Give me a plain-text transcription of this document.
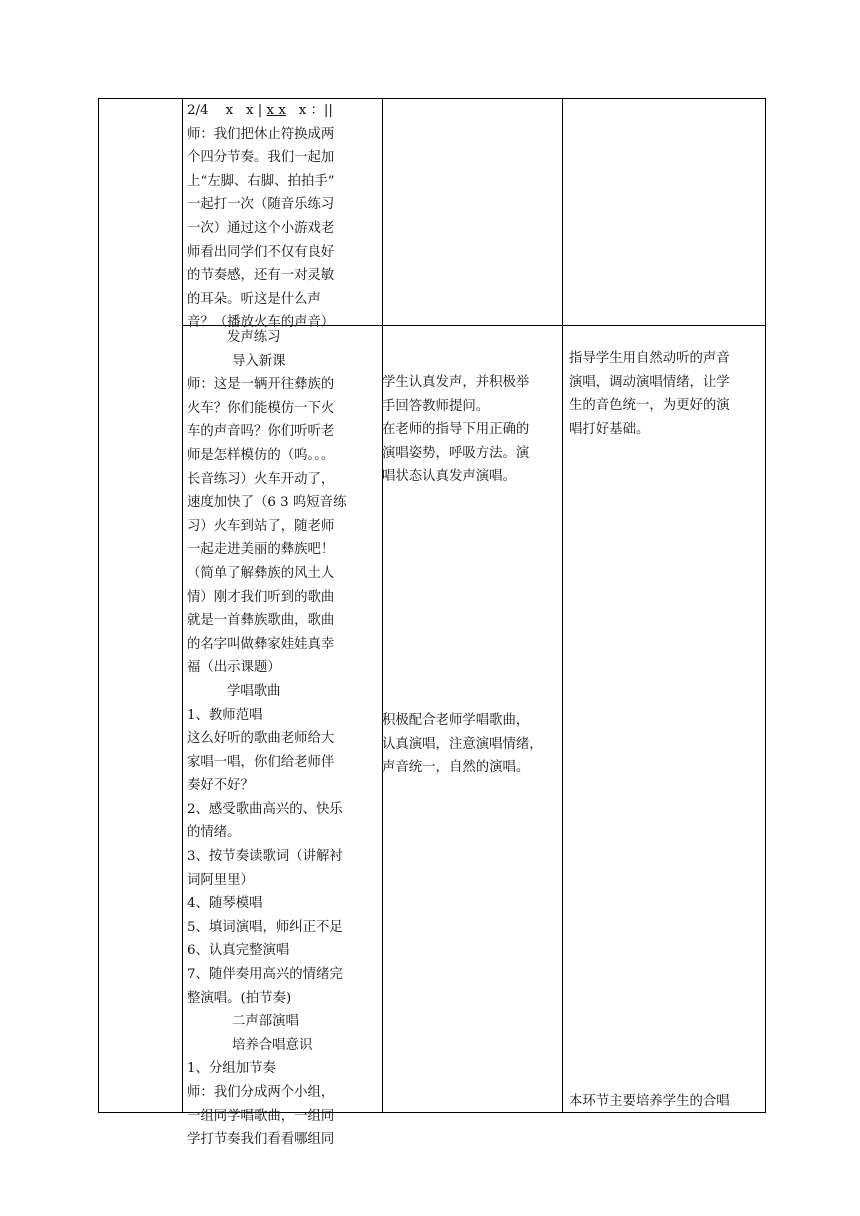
2/4 x x | x x x ：||

师：我们把休止符换成两

个四分节奏。我们一起加

上“左脚、右脚、拍拍手”

一起打一次（随音乐练习

一次）通过这个小游戏老

师看出同学们不仅有良好

的节奏感，还有一对灵敏

的耳朵。听这是什么声

音？（播放火车的声音）

发声练习

导入新课

师：这是一辆开往彝族的

火车？你们能模仿一下火

车的声音吗？你们听听老

师是怎样模仿的（呜。。。

长音练习）火车开动了，

速度加快了（6 3 呜短音练

习）火车到站了，随老师

一起走进美丽的彝族吧！

（简单了解彝族的风土人

情）刚才我们听到的歌曲

就是一首彝族歌曲，歌曲

的名字叫做彝家娃娃真幸

福（出示课题）

学唱歌曲

1、教师范唱

这么好听的歌曲老师给大

家唱一唱，你们给老师伴

奏好不好？

2、感受歌曲高兴的、快乐

的情绪。

3、按节奏读歌词（讲解衬

词阿里里）

4、随琴模唱

5、填词演唱，师纠正不足

6、认真完整演唱

7、随伴奏用高兴的情绪完

整演唱。(拍节奏)

二声部演唱

培养合唱意识

1、分组加节奏

师：我们分成两个小组，

一组同学唱歌曲，一组同

学打节奏我们看看哪组同

学生认真发声，并积极举

手回答教师提问。

在老师的指导下用正确的

演唱姿势，呼吸方法。演

唱状态认真发声演唱。

积极配合老师学唱歌曲，

认真演唱，注意演唱情绪，

声音统一，自然的演唱。

指导学生用自然动听的声音

演唱，调动演唱情绪，让学

生的音色统一，为更好的演

唱打好基础。

本环节主要培养学生的合唱
